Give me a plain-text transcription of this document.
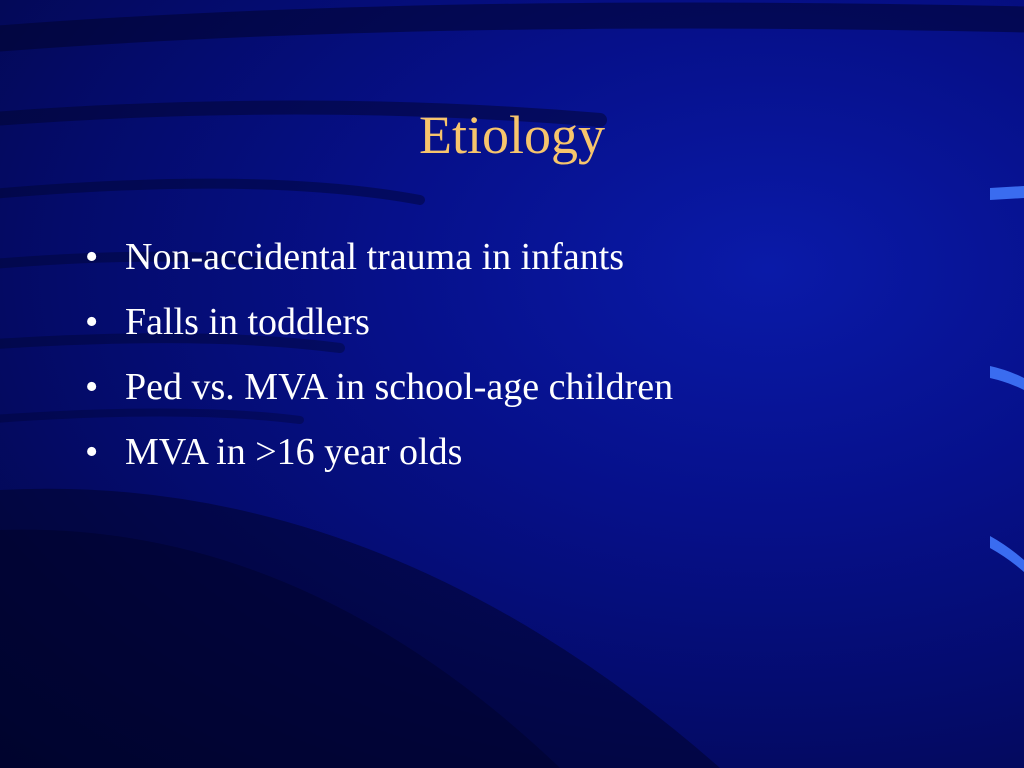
Etiology
• Non-accidental trauma in infants
• Falls in toddlers
• Ped vs. MVA in school-age children
• MVA in >16 year olds
